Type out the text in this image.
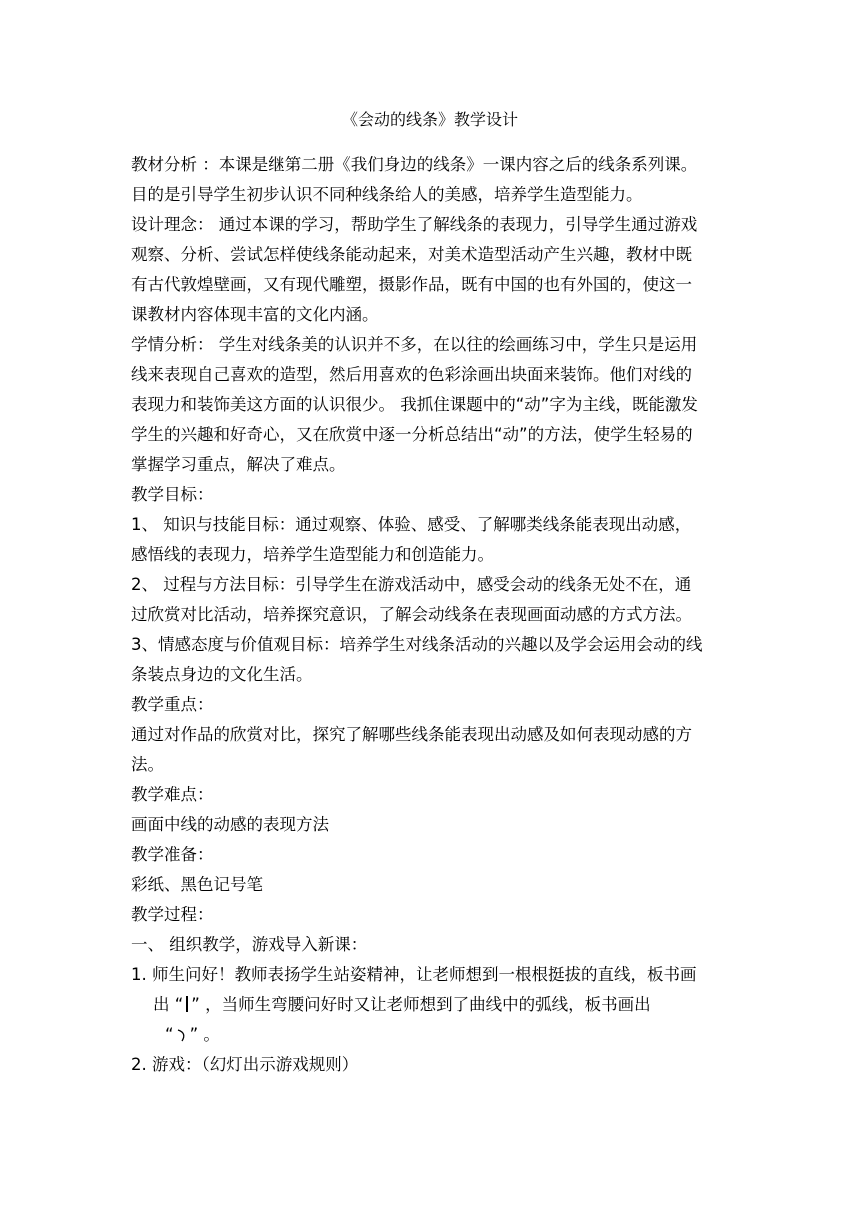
《会动的线条》教学设计

教材分析 ：本课是继第二册《我们身边的线条》一课内容之后的线条系列课。

目的是引导学生初步认识不同种线条给人的美感，培养学生造型能力。

设计理念： 通过本课的学习，帮助学生了解线条的表现力，引导学生通过游戏

观察、分析、尝试怎样使线条能动起来，对美术造型活动产生兴趣，教材中既

有古代敦煌壁画，又有现代雕塑，摄影作品，既有中国的也有外国的，使这一

课教材内容体现丰富的文化内涵。

学情分析： 学生对线条美的认识并不多，在以往的绘画练习中，学生只是运用

线来表现自己喜欢的造型，然后用喜欢的色彩涂画出块面来装饰。他们对线的

表现力和装饰美这方面的认识很少。 我抓住课题中的“动”字为主线，既能激发

学生的兴趣和好奇心，又在欣赏中逐一分析总结出“动”的方法，使学生轻易的

掌握学习重点，解决了难点。

教学目标：

1、 知识与技能目标：通过观察、体验、感受、了解哪类线条能表现出动感，

感悟线的表现力，培养学生造型能力和创造能力。

2、 过程与方法目标：引导学生在游戏活动中，感受会动的线条无处不在，通

过欣赏对比活动，培养探究意识，了解会动线条在表现画面动感的方式方法。

3、情感态度与价值观目标：培养学生对线条活动的兴趣以及学会运用会动的线

条装点身边的文化生活。

教学重点：

通过对作品的欣赏对比，探究了解哪些线条能表现出动感及如何表现动感的方

法。

教学难点：

画面中线的动感的表现方法

教学准备：

彩纸、黑色记号笔

教学过程：

一、 组织教学，游戏导入新课：

1. 师生问好！教师表扬学生站姿精神，让老师想到一根根挺拔的直线，板书画

出 “ ” ，当师生弯腰问好时又让老师想到了曲线中的弧线，板书画出

“ ” 。

2. 游戏：（幻灯出示游戏规则）
